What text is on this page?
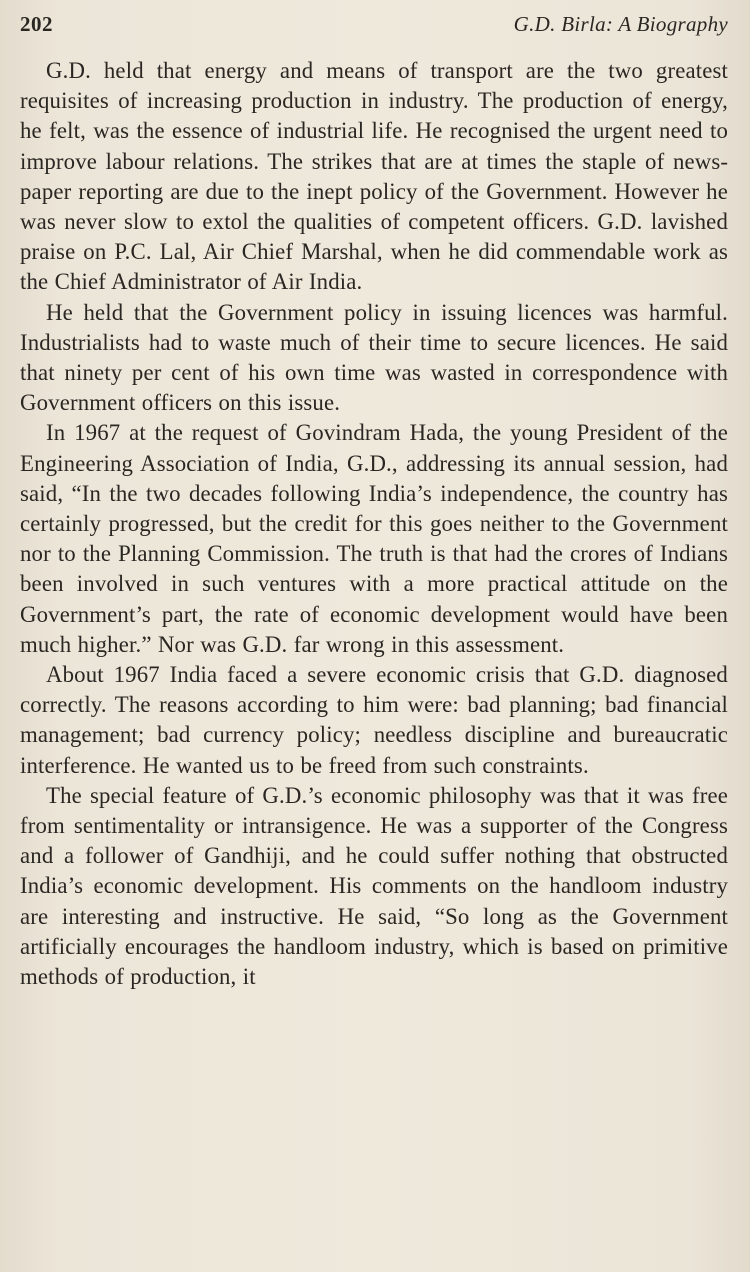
202	G.D. Birla: A Biography

G.D. held that energy and means of transport are the two greatest requisites of increasing production in industry. The production of energy, he felt, was the essence of industrial life. He recognised the urgent need to improve labour relations. The strikes that are at times the staple of newspaper reporting are due to the inept policy of the Government. However he was never slow to extol the qualities of competent officers. G.D. lavished praise on P.C. Lal, Air Chief Marshal, when he did commendable work as the Chief Administrator of Air India.

He held that the Government policy in issuing licences was harmful. Industrialists had to waste much of their time to secure licences. He said that ninety per cent of his own time was wasted in correspondence with Government officers on this issue.

In 1967 at the request of Govindram Hada, the young President of the Engineering Association of India, G.D., addressing its annual session, had said, “In the two decades following India’s independence, the country has certainly progressed, but the credit for this goes neither to the Government nor to the Planning Commission. The truth is that had the crores of Indians been involved in such ventures with a more practical attitude on the Government’s part, the rate of economic development would have been much higher.” Nor was G.D. far wrong in this assessment.

About 1967 India faced a severe economic crisis that G.D. diagnosed correctly. The reasons according to him were: bad planning; bad financial management; bad currency policy; needless discipline and bureaucratic interference. He wanted us to be freed from such constraints.

The special feature of G.D.’s economic philosophy was that it was free from sentimentality or intransigence. He was a supporter of the Congress and a follower of Gandhiji, and he could suffer nothing that obstructed India’s economic development. His comments on the handloom industry are interesting and instructive. He said, “So long as the Government artificially encourages the handloom industry, which is based on primitive methods of production, it
